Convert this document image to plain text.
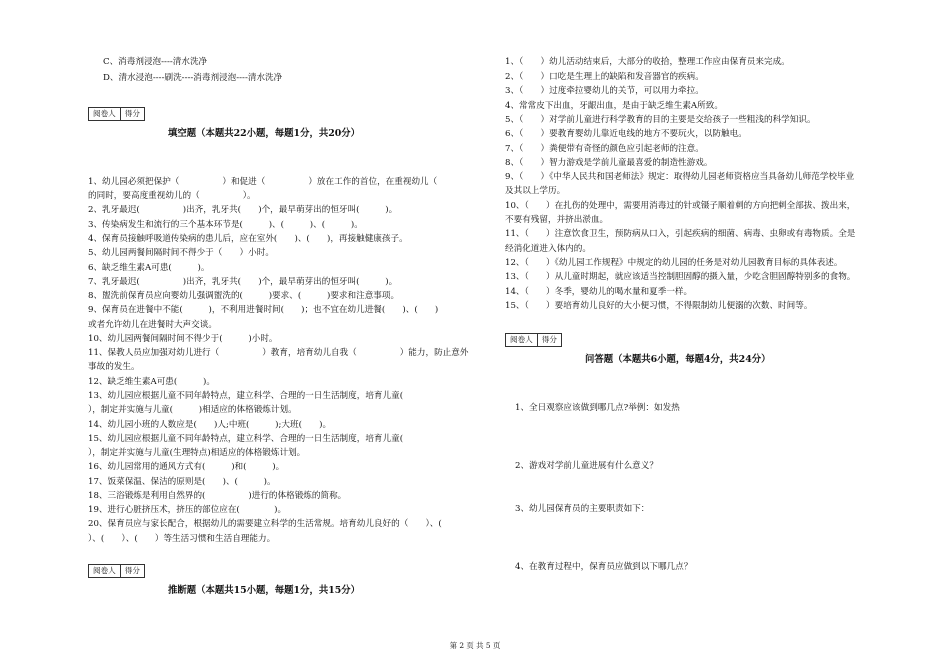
C、消毒剂浸泡----清水洗净
D、清水浸泡----刷洗----消毒剂浸泡----清水洗净
阅卷人	得分
填空题（本题共22小题，每题1分，共20分）
1、幼儿园必须把保护（　　　　　）和促进（　　　　　）放在工作的首位，在重视幼儿（
的同时，要高度重视幼儿的（　　　　　）。
2、乳牙最迟(　　　　　)出齐，乳牙共(　　)个，最早萌芽出的恒牙叫(　　　)。
3、传染病发生和流行的三个基本环节是(　　　)、(　　　)、(　　　)。
4、保育员接触呼吸道传染病的患儿后，应在室外(　　)、(　　)，再接触健康孩子。
5、幼儿园两餐间隔时间不得少于（　　）小时。
6、缺乏维生素A可患(　　　)。
7、乳牙最迟(　　　　　)出齐，乳牙共(　　)个，最早萌芽出的恒牙叫(　　　)。
8、盥洗前保育员应向婴幼儿强调盥洗的(　　　)要求、(　　　)要求和注意事项。
9、保育员在进餐中不能(　　　)，不利用进餐时间(　　)；也不宜在幼儿进餐(　　)、(　　)
或者允许幼儿在进餐时大声交谈。
10、幼儿园两餐间隔时间不得少于(　　　)小时。
11、保教人员应加强对幼儿进行（　　　　　）教育，培育幼儿自我（　　　　　）能力，防止意外
事故的发生。
12、缺乏维生素A可患(　　　)。
13、幼儿园应根据儿童不同年龄特点，建立科学、合理的一日生活制度，培育儿童(
），制定并实施与儿童(　　　)相适应的体格锻炼计划。
14、幼儿园小班的人数应是(　　)人;中班(　　　);大班(　　)。
15、幼儿园应根据儿童不同年龄特点，建立科学、合理的一日生活制度，培育儿童(
），制定并实施与儿童(生理特点)相适应的体格锻炼计划。
16、幼儿园常用的通风方式有(　　　)和(　　　)。
17、饭菜保温、保洁的原则是(　　)、(　　　)。
18、三浴锻炼是利用自然界的(　　　　　)进行的体格锻炼的简称。
19、进行心脏挤压术，挤压的部位应在(　　　　)。
20、保育员应与家长配合，根据幼儿的需要建立科学的生活常规。培育幼儿良好的（　　）、(
）、(　　）、(　　）等生活习惯和生活自理能力。
阅卷人	得分
推断题（本题共15小题，每题1分，共15分）
1、（　　）幼儿活动结束后，大部分的收拾，整理工作应由保育员来完成。
2、（　　）口吃是生理上的缺陷和发音器官的疾病。
3、（　　）过度牵拉婴幼儿的关节，可以用力牵拉。
4、常常皮下出血，牙龈出血，是由于缺乏维生素A所致。
5、（　　）对学前儿童进行科学教育的目的主要是交给孩子一些粗浅的科学知识。
6、（　　）要教育婴幼儿靠近电线的地方不要玩火，以防触电。
7、（　　）粪便带有奇怪的颜色应引起老师的注意。
8、（　　）智力游戏是学前儿童最喜爱的制造性游戏。
9、（　　）《中华人民共和国老师法》规定：取得幼儿园老师资格应当具备幼儿师范学校毕业
及其以上学历。
10、（　　）在扎伤的处理中，需要用消毒过的针或镊子顺着刺的方向把刺全部拔、拨出来，
不要有残留，并挤出淤血。
11、（　　）注意饮食卫生，预防病从口入，引起疾病的细菌、病毒、虫卵或有毒物质。全是
经消化道进入体内的。
12、（　　）《幼儿园工作规程》中规定的幼儿园的任务是对幼儿园教育目标的具体表述。
13、（　　）从儿童时期起，就应该适当控制胆固醇的摄入量，少吃含胆固醇特别多的食物。
14、（　　）冬季，婴幼儿的喝水量和夏季一样。
15、（　　）要培育幼儿良好的大小便习惯，不得限制幼儿便溺的次数、时间等。
阅卷人	得分
问答题（本题共6小题，每题4分，共24分）
1、全日观察应该做到哪几点?举例：如发热
2、游戏对学前儿童进展有什么意义？
3、幼儿园保育员的主要职责如下：
4、在教育过程中，保育员应做到以下哪几点？
第 2 页 共 5 页
